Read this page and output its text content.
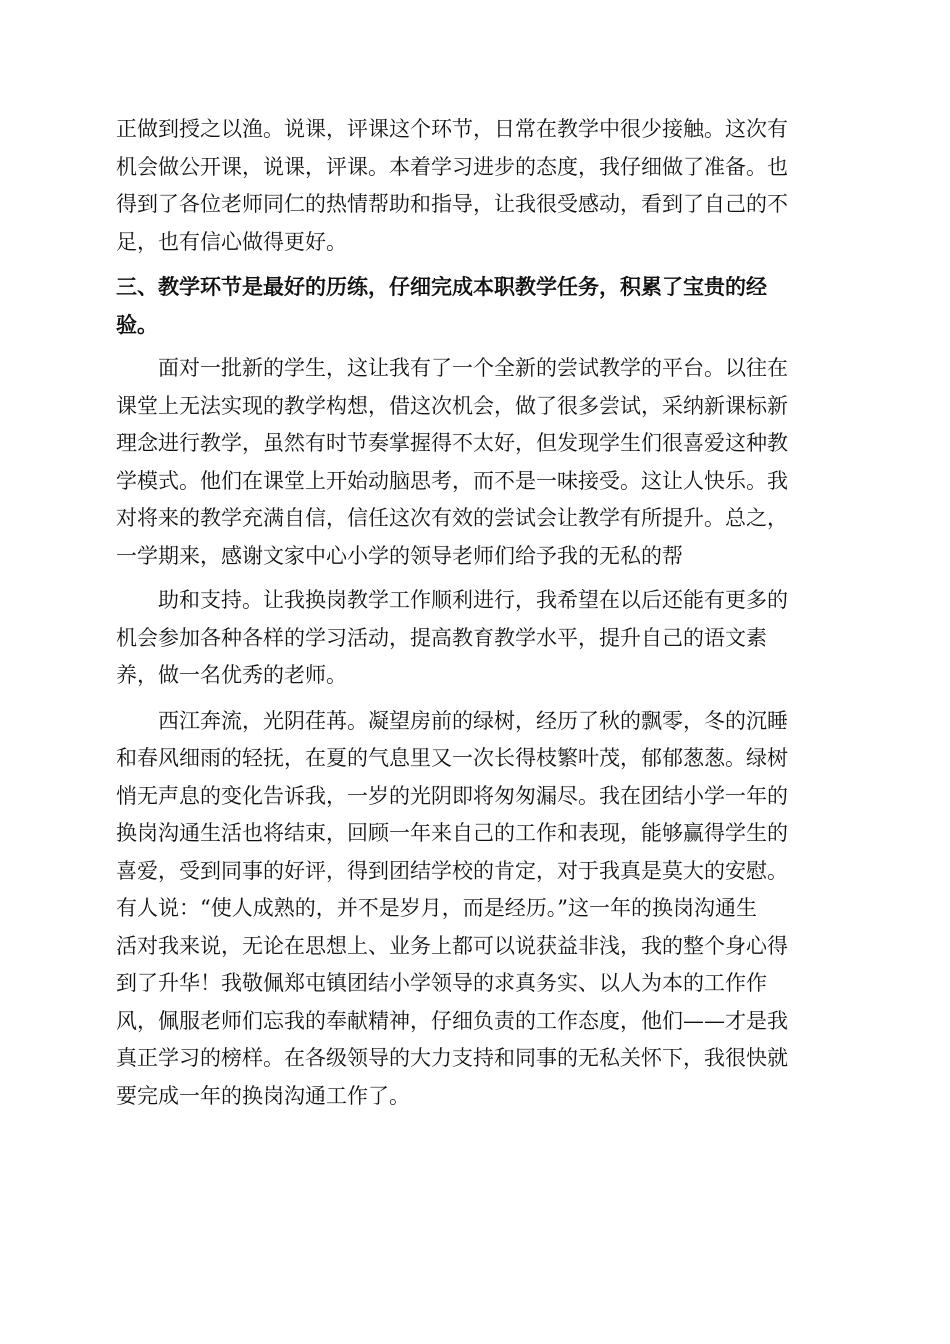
正做到授之以渔。说课，评课这个环节，日常在教学中很少接触。这次有
机会做公开课，说课，评课。本着学习进步的态度，我仔细做了准备。也
得到了各位老师同仁的热情帮助和指导，让我很受感动，看到了自己的不
足，也有信心做得更好。
三、教学环节是最好的历练，仔细完成本职教学任务，积累了宝贵的经
验。
面对一批新的学生，这让我有了一个全新的尝试教学的平台。以往在
课堂上无法实现的教学构想，借这次机会，做了很多尝试，采纳新课标新
理念进行教学，虽然有时节奏掌握得不太好，但发现学生们很喜爱这种教
学模式。他们在课堂上开始动脑思考，而不是一味接受。这让人快乐。我
对将来的教学充满自信，信任这次有效的尝试会让教学有所提升。总之，
一学期来，感谢文家中心小学的领导老师们给予我的无私的帮
助和支持。让我换岗教学工作顺利进行，我希望在以后还能有更多的
机会参加各种各样的学习活动，提高教育教学水平，提升自己的语文素
养，做一名优秀的老师。
西江奔流，光阴荏苒。凝望房前的绿树，经历了秋的飘零，冬的沉睡
和春风细雨的轻抚，在夏的气息里又一次长得枝繁叶茂，郁郁葱葱。绿树
悄无声息的变化告诉我，一岁的光阴即将匆匆漏尽。我在团结小学一年的
换岗沟通生活也将结束，回顾一年来自己的工作和表现，能够赢得学生的
喜爱，受到同事的好评，得到团结学校的肯定，对于我真是莫大的安慰。
有人说：“使人成熟的，并不是岁月，而是经历。”这一年的换岗沟通生
活对我来说，无论在思想上、业务上都可以说获益非浅，我的整个身心得
到了升华！我敬佩郑屯镇团结小学领导的求真务实、以人为本的工作作
风，佩服老师们忘我的奉献精神，仔细负责的工作态度，他们——才是我
真正学习的榜样。在各级领导的大力支持和同事的无私关怀下，我很快就
要完成一年的换岗沟通工作了。
